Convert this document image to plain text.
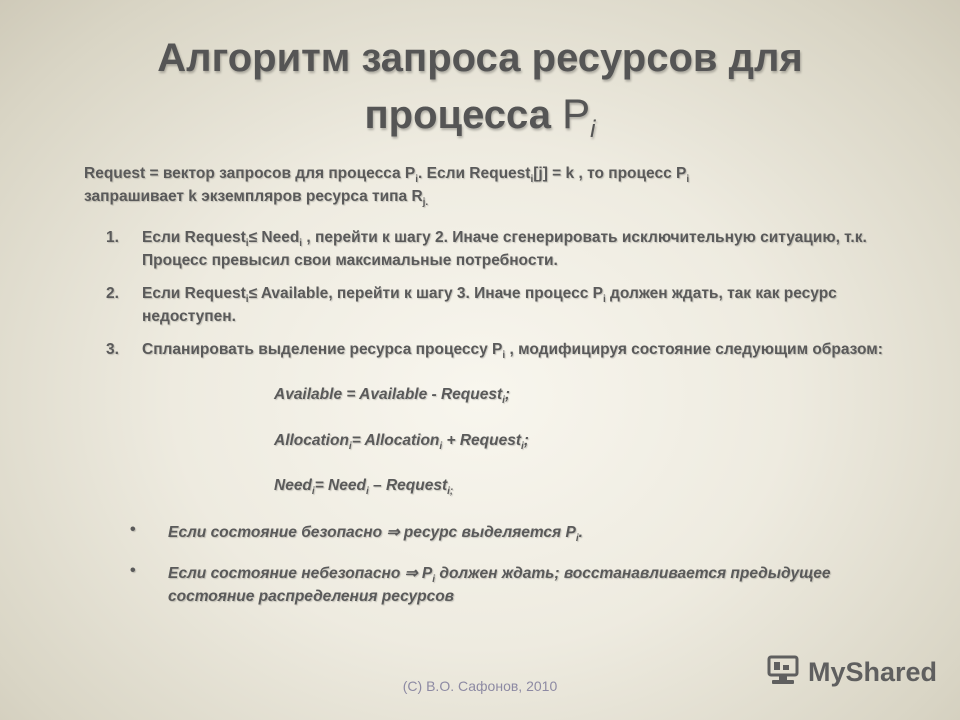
Алгоритм запроса ресурсов для
процесса $P_i$
Request = вектор запросов для процесса $P_i$. Если Request$_i$[j] = k , то процесс $P_i$
запрашивает k экземпляров ресурса типа $R_{j.}$
1. Если Request$_i$≤ Need$_i$ , перейти к шагу 2. Иначе сгенерировать исключительную ситуацию, т.к. Процесс превысил свои максимальные потребности.
2. Если Request$_i$≤ Available, перейти к шагу 3. Иначе процесс $P_i$ должен ждать, так как ресурс недоступен.
3. Спланировать выделение ресурса процессу $P_i$ , модифицируя состояние следующим образом:
Available = Available - Request$_i$;
Allocation$_i$= Allocation$_i$ + Request$_i$;
Need$_i$= Need$_i$ – Request$_{i;}$
• Если состояние безопасно ⇒ ресурс выделяется $P_i$.
• Если состояние небезопасно ⇒ $P_i$ должен ждать; восстанавливается предыдущее состояние распределения ресурсов
(C) В.О. Сафонов, 2010	MyShared
